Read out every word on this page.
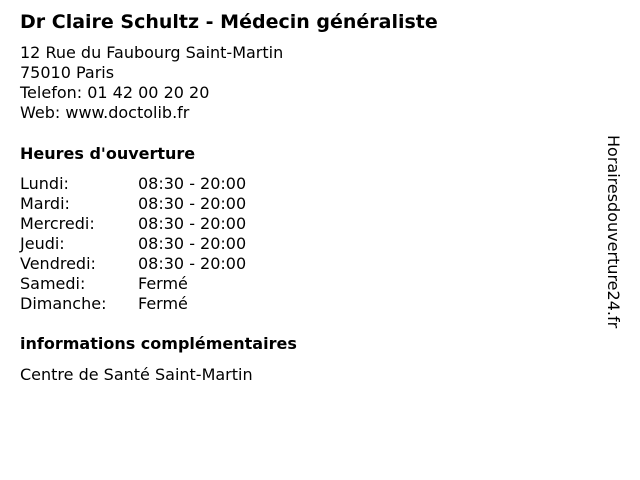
Dr Claire Schultz - Médecin généraliste
12 Rue du Faubourg Saint-Martin
75010 Paris
Telefon: 01 42 00 20 20
Web: www.doctolib.fr
Heures d'ouverture
Lundi:	08:30 - 20:00
Mardi:	08:30 - 20:00
Mercredi:	08:30 - 20:00
Jeudi:	08:30 - 20:00
Vendredi:	08:30 - 20:00
Samedi:	Fermé
Dimanche: Fermé
informations complémentaires
Centre de Santé Saint-Martin
Horairesdouverture24.fr
